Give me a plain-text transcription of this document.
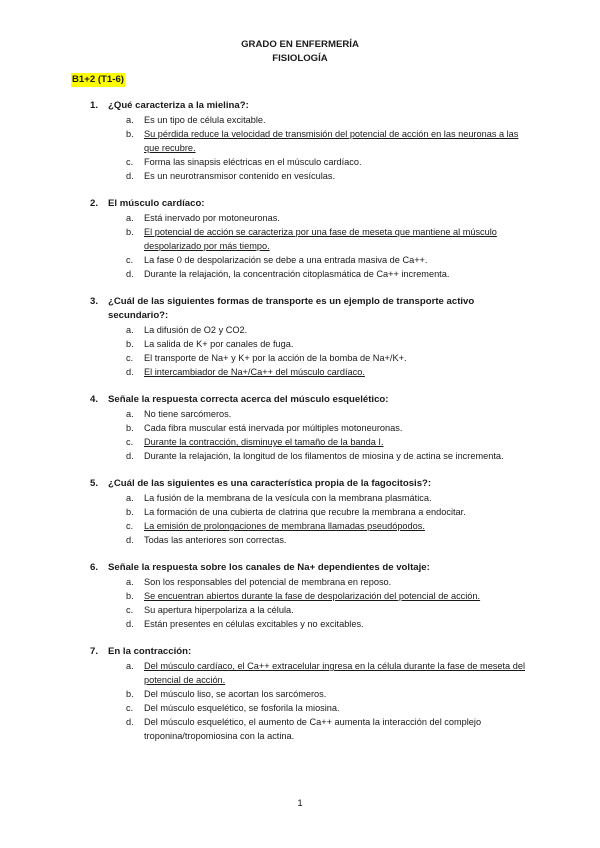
GRADO EN ENFERMERÍA
FISIOLOGÍA
B1+2 (T1-6)
1. ¿Qué caracteriza a la mielina?:
a. Es un tipo de célula excitable.
b. Su pérdida reduce la velocidad de transmisión del potencial de acción en las neuronas a las que recubre.
c. Forma las sinapsis eléctricas en el músculo cardíaco.
d. Es un neurotransmisor contenido en vesículas.
2. El músculo cardíaco:
a. Está inervado por motoneuronas.
b. El potencial de acción se caracteriza por una fase de meseta que mantiene al músculo despolarizado por más tiempo.
c. La fase 0 de despolarización se debe a una entrada masiva de Ca++.
d. Durante la relajación, la concentración citoplasmática de Ca++ incrementa.
3. ¿Cuál de las siguientes formas de transporte es un ejemplo de transporte activo secundario?:
a. La difusión de O2 y CO2.
b. La salida de K+ por canales de fuga.
c. El transporte de Na+ y K+ por la acción de la bomba de Na+/K+.
d. El intercambiador de Na+/Ca++ del músculo cardíaco.
4. Señale la respuesta correcta acerca del músculo esquelético:
a. No tiene sarcómeros.
b. Cada fibra muscular está inervada por múltiples motoneuronas.
c. Durante la contracción, disminuye el tamaño de la banda I.
d. Durante la relajación, la longitud de los filamentos de miosina y de actina se incrementa.
5. ¿Cuál de las siguientes es una característica propia de la fagocitosis?:
a. La fusión de la membrana de la vesícula con la membrana plasmática.
b. La formación de una cubierta de clatrina que recubre la membrana a endocitar.
c. La emisión de prolongaciones de membrana llamadas pseudópodos.
d. Todas las anteriores son correctas.
6. Señale la respuesta sobre los canales de Na+ dependientes de voltaje:
a. Son los responsables del potencial de membrana en reposo.
b. Se encuentran abiertos durante la fase de despolarización del potencial de acción.
c. Su apertura hiperpolariza a la célula.
d. Están presentes en células excitables y no excitables.
7. En la contracción:
a. Del músculo cardíaco, el Ca++ extracelular ingresa en la célula durante la fase de meseta del potencial de acción.
b. Del músculo liso, se acortan los sarcómeros.
c. Del músculo esquelético, se fosforila la miosina.
d. Del músculo esquelético, el aumento de Ca++ aumenta la interacción del complejo troponina/tropomiosina con la actina.
1
